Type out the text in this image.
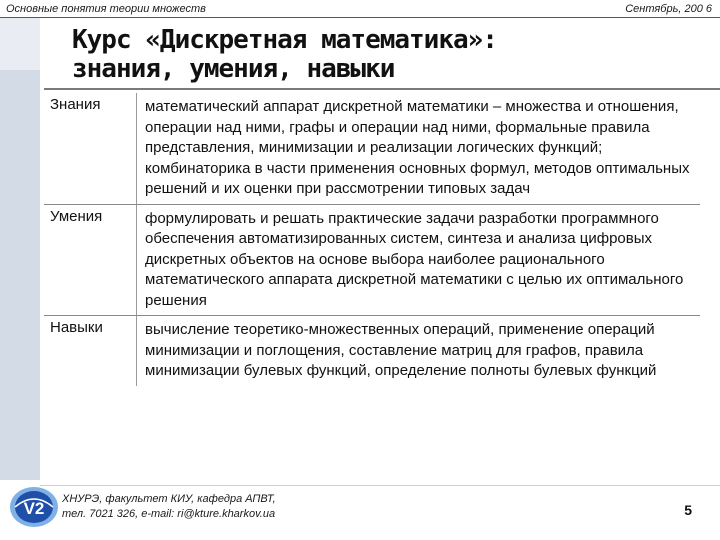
Основные понятия теории множеств	Сентябрь, 200 6
Курс «Дискретная математика»:
знания, умения, навыки
Знания	математический аппарат дискретной математики – множества и отношения, операции над ними, графы и операции над ними, формальные правила представления, минимизации и реализации логических функций; комбинаторика в части применения основных формул, методов оптимальных решений и их оценки при рассмотрении типовых задач
Умения	формулировать и решать практические задачи разработки программного обеспечения автоматизированных систем, синтеза и анализа цифровых дискретных объектов на основе выбора наиболее рационального математического аппарата дискретной математики с целью их оптимального решения
Навыки	вычисление теоретико-множественных операций, применение операций минимизации и поглощения, составление матриц для графов, правила минимизации булевых функций, определение полноты булевых функций
V2 ХНУРЭ, факультет КИУ, кафедра АПВТ,
тел. 7021 326, e-mail: ri@kture.kharkov.ua	5
